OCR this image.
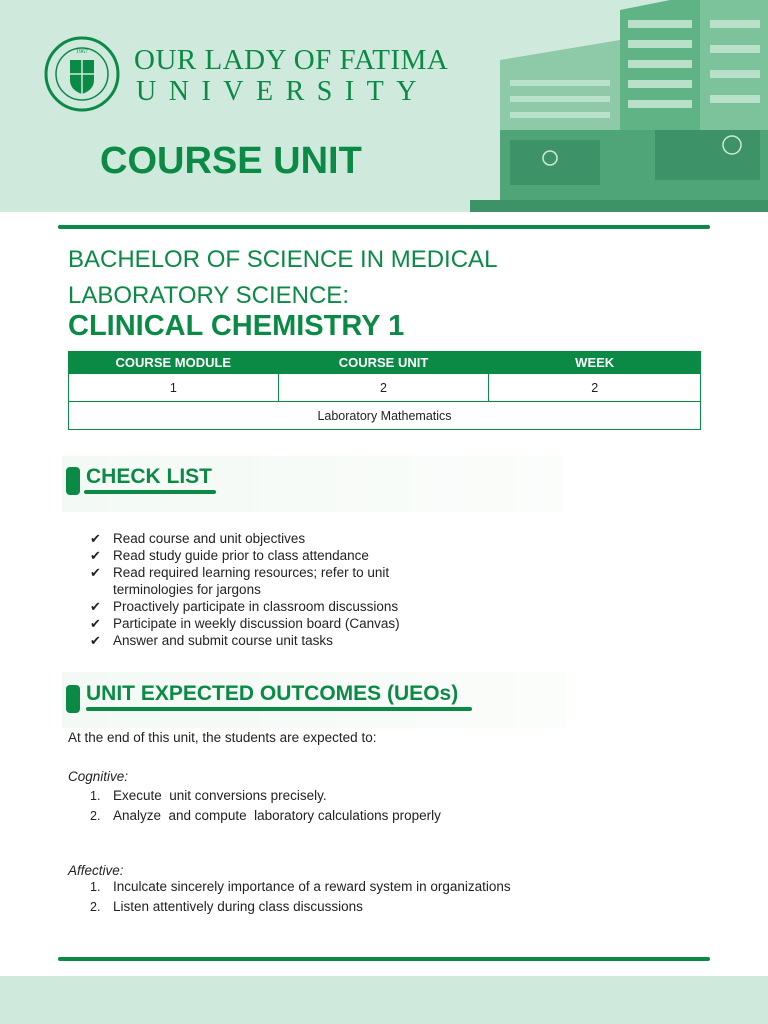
1967 OUR LADY OF FATIMA
UNIVERSITY
COURSE UNIT
BACHELOR OF SCIENCE IN MEDICAL
LABORATORY SCIENCE:
CLINICAL CHEMISTRY 1
COURSE MODULE	COURSE UNIT	WEEK
1	2	2
Laboratory Mathematics		
CHECK LIST
✔ Read course and unit objectives
✔ Read study guide prior to class attendance
✔ Read required learning resources; refer to unit terminologies for jargons
✔ Proactively participate in classroom discussions
✔ Participate in weekly discussion board (Canvas)
✔ Answer and submit course unit tasks
UNIT EXPECTED OUTCOMES (UEOs)
At the end of this unit, the students are expected to:
Cognitive:
1. Execute  unit conversions precisely.
2. Analyze  and compute  laboratory calculations properly
Affective:
1. Inculcate sincerely importance of a reward system in organizations
2. Listen attentively during class discussions
